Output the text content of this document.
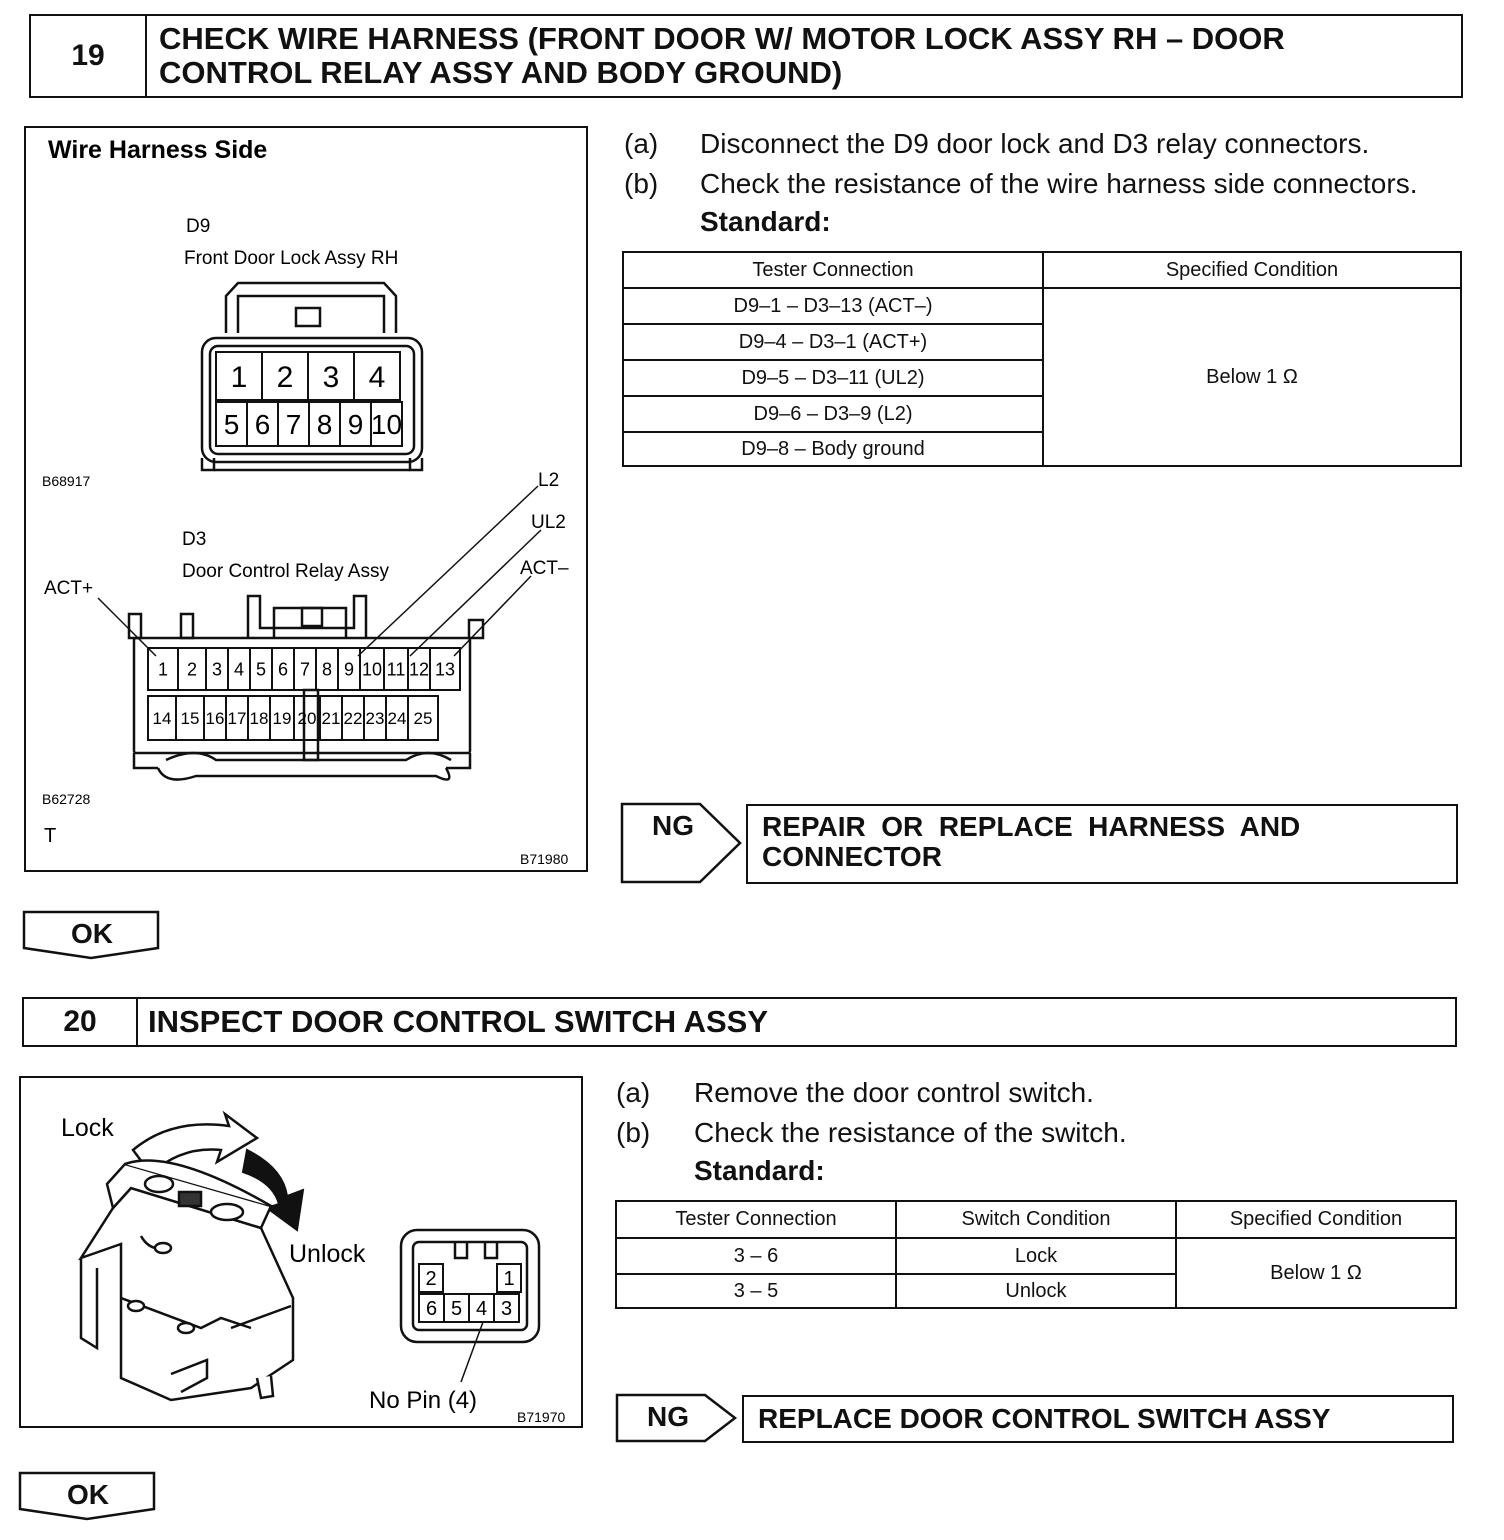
19 CHECK WIRE HARNESS (FRONT DOOR W/ MOTOR LOCK ASSY RH – DOOR
CONTROL RELAY ASSY AND BODY GROUND)
Wire Harness Side
D9
Front Door Lock Assy RH
1 2 3 4
5 6 7 8 9 10
B68917
D3
Door Control Relay Assy
ACT+
L2
UL2
ACT–
1 2 3 4 5 6 7 8 9 10 11 12 13
14 15 16 17 18 19 20 21 22 23 24 25
B62728
T
B71980
(a) Disconnect the D9 door lock and D3 relay connectors.
(b) Check the resistance of the wire harness side connectors.
Standard:
Tester Connection	Specified Condition
D9–1 – D3–13 (ACT–)	Below 1 Ω
D9–4 – D3–1 (ACT+)	
D9–5 – D3–11 (UL2)	
D9–6 – D3–9 (L2)	
D9–8 – Body ground	
NG REPAIR  OR  REPLACE  HARNESS  AND
CONNECTOR
OK
20 INSPECT DOOR CONTROL SWITCH ASSY
Lock
Unlock
2	1
6 5 4 3
No Pin (4)
B71970
(a) Remove the door control switch.
(b) Check the resistance of the switch.
Standard:
Tester Connection	Switch Condition	Specified Condition
3 – 6	Lock	Below 1 Ω
3 – 5	Unlock	
NG REPLACE DOOR CONTROL SWITCH ASSY
OK
